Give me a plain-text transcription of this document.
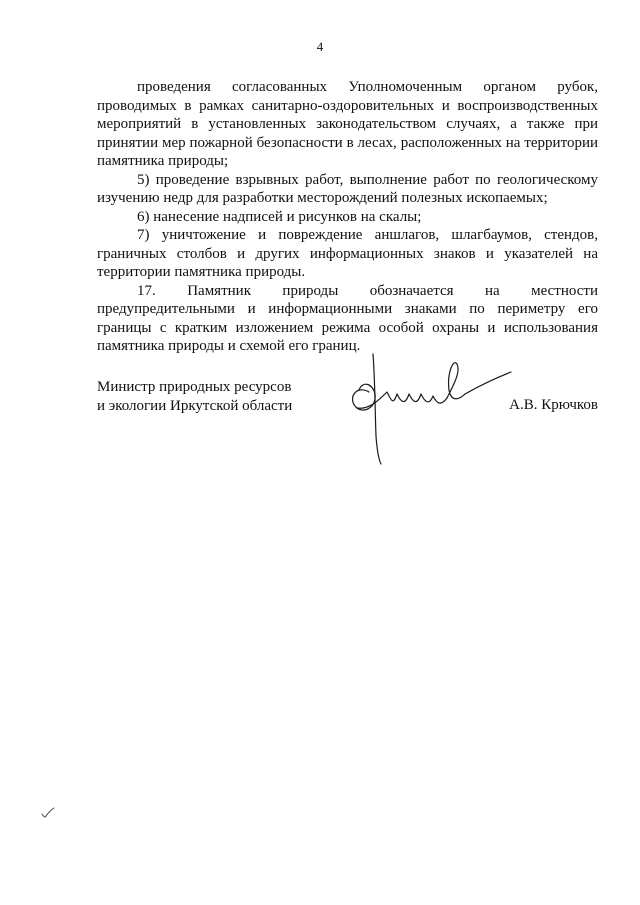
4

проведения согласованных Уполномоченным органом рубок, проводимых в рамках санитарно-оздоровительных и воспроизводственных мероприятий в установленных законодательством случаях, а также при принятии мер пожарной безопасности в лесах, расположенных на территории памятника природы;

5) проведение взрывных работ, выполнение работ по геологическому изучению недр для разработки месторождений полезных ископаемых;

6) нанесение надписей и рисунков на скалы;

7) уничтожение и повреждение аншлагов, шлагбаумов, стендов, граничных столбов и других информационных знаков и указателей на территории памятника природы.

17. Памятник природы обозначается на местности предупредительными и информационными знаками по периметру его границы с кратким изложением режима особой охраны и использования памятника природы и схемой его границ.

Министр природных ресурсов
и экологии Иркутской области	А.В. Крючков
